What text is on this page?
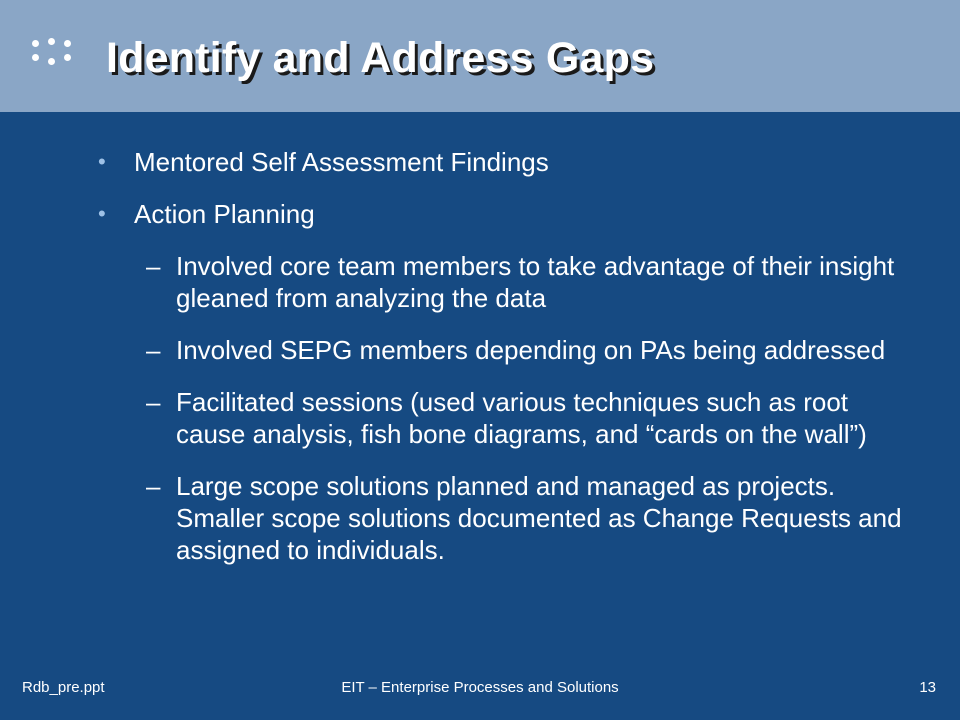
Identify and Address Gaps
• Mentored Self Assessment Findings
• Action Planning
– Involved core team members to take advantage of their insight gleaned from analyzing the data
– Involved SEPG members depending on PAs being addressed
– Facilitated sessions (used various techniques such as root cause analysis, fish bone diagrams, and “cards on the wall”)
– Large scope solutions planned and managed as projects. Smaller scope solutions documented as Change Requests and assigned to individuals.
Rdb_pre.ppt	EIT – Enterprise Processes and Solutions	13
